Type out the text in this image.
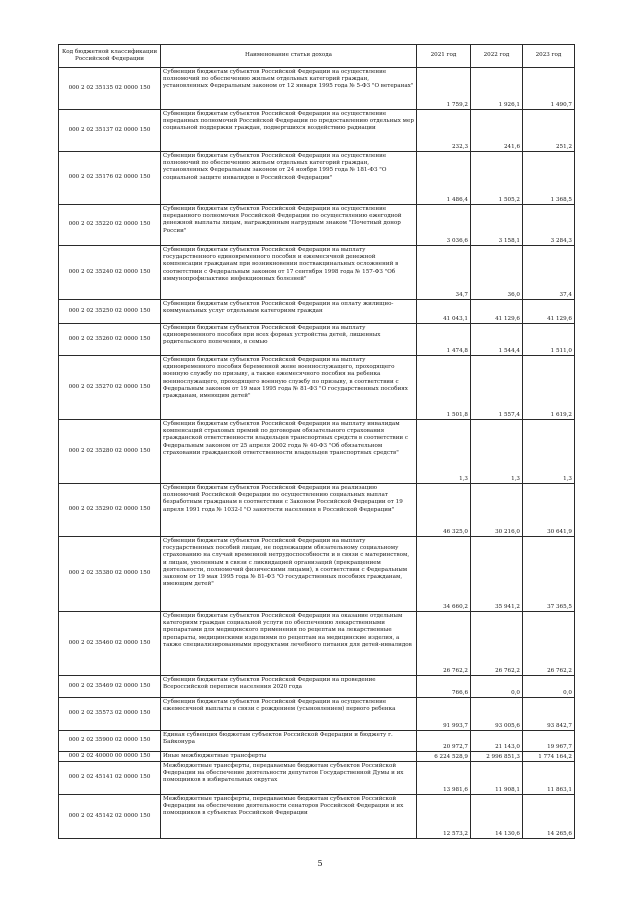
Код бюджетной классификации Российской Федерации	Наименование статьи дохода	2021 год	2022 год	2023 год
000 2 02 35135 02 0000 150	Субвенции бюджетам субъектов Российской Федерации на осуществление полномочий по обеспечению жильем отдельных категорий граждан, установленных Федеральным законом от 12 января 1995 года № 5-ФЗ "О ветеранах"	1 759,2	1 926,1	1 490,7
000 2 02 35137 02 0000 150	Субвенции бюджетам субъектов Российской Федерации на осуществление переданных полномочий Российской Федерации по предоставлению отдельных мер социальной поддержки граждан, подвергшихся воздействию радиации	232,3	241,6	251,2
000 2 02 35176 02 0000 150	Субвенции бюджетам субъектов Российской Федерации на осуществление полномочий по обеспечению жильем отдельных категорий граждан, установленных Федеральным законом от 24 ноября 1995 года № 181-ФЗ "О социальной защите инвалидов в Российской Федерации"	1 486,4	1 505,2	1 368,5
000 2 02 35220 02 0000 150	Субвенции бюджетам субъектов Российской Федерации на осуществление переданного полномочия Российской Федерации по осуществлению ежегодной денежной выплаты лицам, награжденным нагрудным знаком "Почетный донор России"	3 036,6	3 158,1	3 284,3
000 2 02 35240 02 0000 150	Субвенции бюджетам субъектов Российской Федерации на выплату государственного единовременного пособия и ежемесячной денежной компенсации гражданам при возникновении поствакцинальных осложнений в соответствии с Федеральным законом от 17 сентября 1998 года № 157-ФЗ "Об иммунопрофилактике инфекционных болезней"	34,7	36,0	37,4
000 2 02 35250 02 0000 150	Субвенции бюджетам субъектов Российской Федерации на оплату жилищно-коммунальных услуг отдельным категориям граждан	41 043,1	41 129,6	41 129,6
000 2 02 35260 02 0000 150	Субвенции бюджетам субъектов Российской Федерации на выплату единовременного пособия при всех формах устройства детей, лишенных родительского попечения, в семью	1 474,8	1 544,4	1 511,0
000 2 02 35270 02 0000 150	Субвенции бюджетам субъектов Российской Федерации на выплату единовременного пособия беременной жене военнослужащего, проходящего военную службу по призыву, а также ежемесячного пособия на ребенка военнослужащего, проходящего военную службу по призыву, в соответствии с Федеральным законом от 19 мая 1995 года № 81-ФЗ "О государственных пособиях гражданам, имеющим детей"	1 501,8	1 557,4	1 619,2
000 2 02 35280 02 0000 150	Субвенции бюджетам субъектов Российской Федерации на выплату инвалидам компенсаций страховых премий по договорам обязательного страхования гражданской ответственности владельцев транспортных средств в соответствии с Федеральным законом от 25 апреля 2002 года № 40-ФЗ "Об обязательном страховании гражданской ответственности владельцев транспортных средств"	1,3	1,3	1,3
000 2 02 35290 02 0000 150	Субвенции бюджетам субъектов Российской Федерации на реализацию полномочий Российской Федерации по осуществлению социальных выплат безработным гражданам в соответствии с Законом Российской Федерации от 19 апреля 1991 года № 1032-I "О занятости населения в Российской Федерации"	46 325,0	30 216,0	30 641,9
000 2 02 35380 02 0000 150	Субвенции бюджетам субъектов Российской Федерации на выплату государственных пособий лицам, не подлежащим обязательному социальному страхованию на случай временной нетрудоспособности и в связи с материнством, и лицам, уволенным в связи с ликвидацией организаций (прекращением деятельности, полномочий физическими лицами), в соответствии с Федеральным законом от 19 мая 1995 года № 81-ФЗ "О государственных пособиях гражданам, имеющим детей"	34 660,2	35 941,2	37 365,5
000 2 02 35460 02 0000 150	Субвенции бюджетам субъектов Российской Федерации на оказание отдельным категориям граждан социальной услуги по обеспечению лекарственными препаратами для медицинского применения по рецептам на лекарственные препараты, медицинскими изделиями по рецептам на медицинские изделия, а также специализированными продуктами лечебного питания для детей-инвалидов	26 762,2	26 762,2	26 762,2
000 2 02 35469 02 0000 150	Субвенции бюджетам субъектов Российской Федерации на проведение Всероссийской переписи населения 2020 года	766,6	0,0	0,0
000 2 02 35573 02 0000 150	Субвенции бюджетам субъектов Российской Федерации на осуществление ежемесячной выплаты в связи с рождением (усыновлением) первого ребенка	91 993,7	93 005,6	93 842,7
000 2 02 35900 02 0000 150	Единая субвенция бюджетам субъектов Российской Федерации и бюджету г. Байконура	20 972,7	21 143,0	19 967,7
000 2 02 40000 00 0000 150	Иные межбюджетные трансферты	6 224 528,9	2 996 851,3	1 774 164,2
000 2 02 45141 02 0000 150	Межбюджетные трансферты, передаваемые бюджетам субъектов Российской Федерации на обеспечение деятельности депутатов Государственной Думы и их помощников в избирательных округах	13 981,6	11 908,1	11 863,1
000 2 02 45142 02 0000 150	Межбюджетные трансферты, передаваемые бюджетам субъектов Российской Федерации на обеспечение деятельности сенаторов Российской Федерации и их помощников в субъектах Российской Федерации	12 573,2	14 130,6	14 265,6
5
